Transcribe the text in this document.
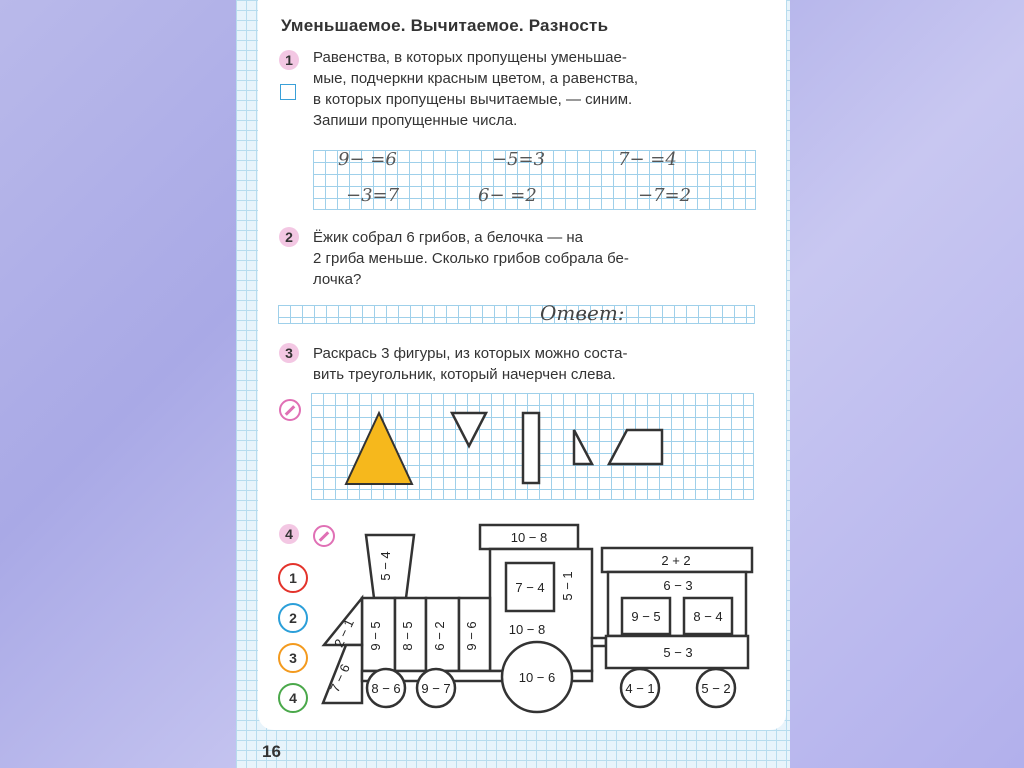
Уменьшаемое. Вычитаемое. Разность
1	Равенства, в которых пропущены уменьшае-
мые, подчеркни красным цветом, а равенства,
в которых пропущены вычитаемые, — синим.
Запиши пропущенные числа.
9− =6	−5=3	7− =4
−3=7	6− =2	−7=2
2	Ёжик собрал 6 грибов, а белочка — на
2 гриба меньше. Сколько грибов собрала бе-
лочка?
Ответ:
3	Раскрась 3 фигуры, из которых можно соста-
вить треугольник, который начерчен слева.
4
1
2
3
4
5 − 4
10 − 8
7 − 4 5 − 1
10 − 8
9 − 5 8 − 5 6 − 2 9 − 6
2 − 1
7 − 6 8 − 6 9 − 7
10 − 6
2 + 2
6 − 3
9 − 5	8 − 4
5 − 3
4 − 1	5 − 2
16
